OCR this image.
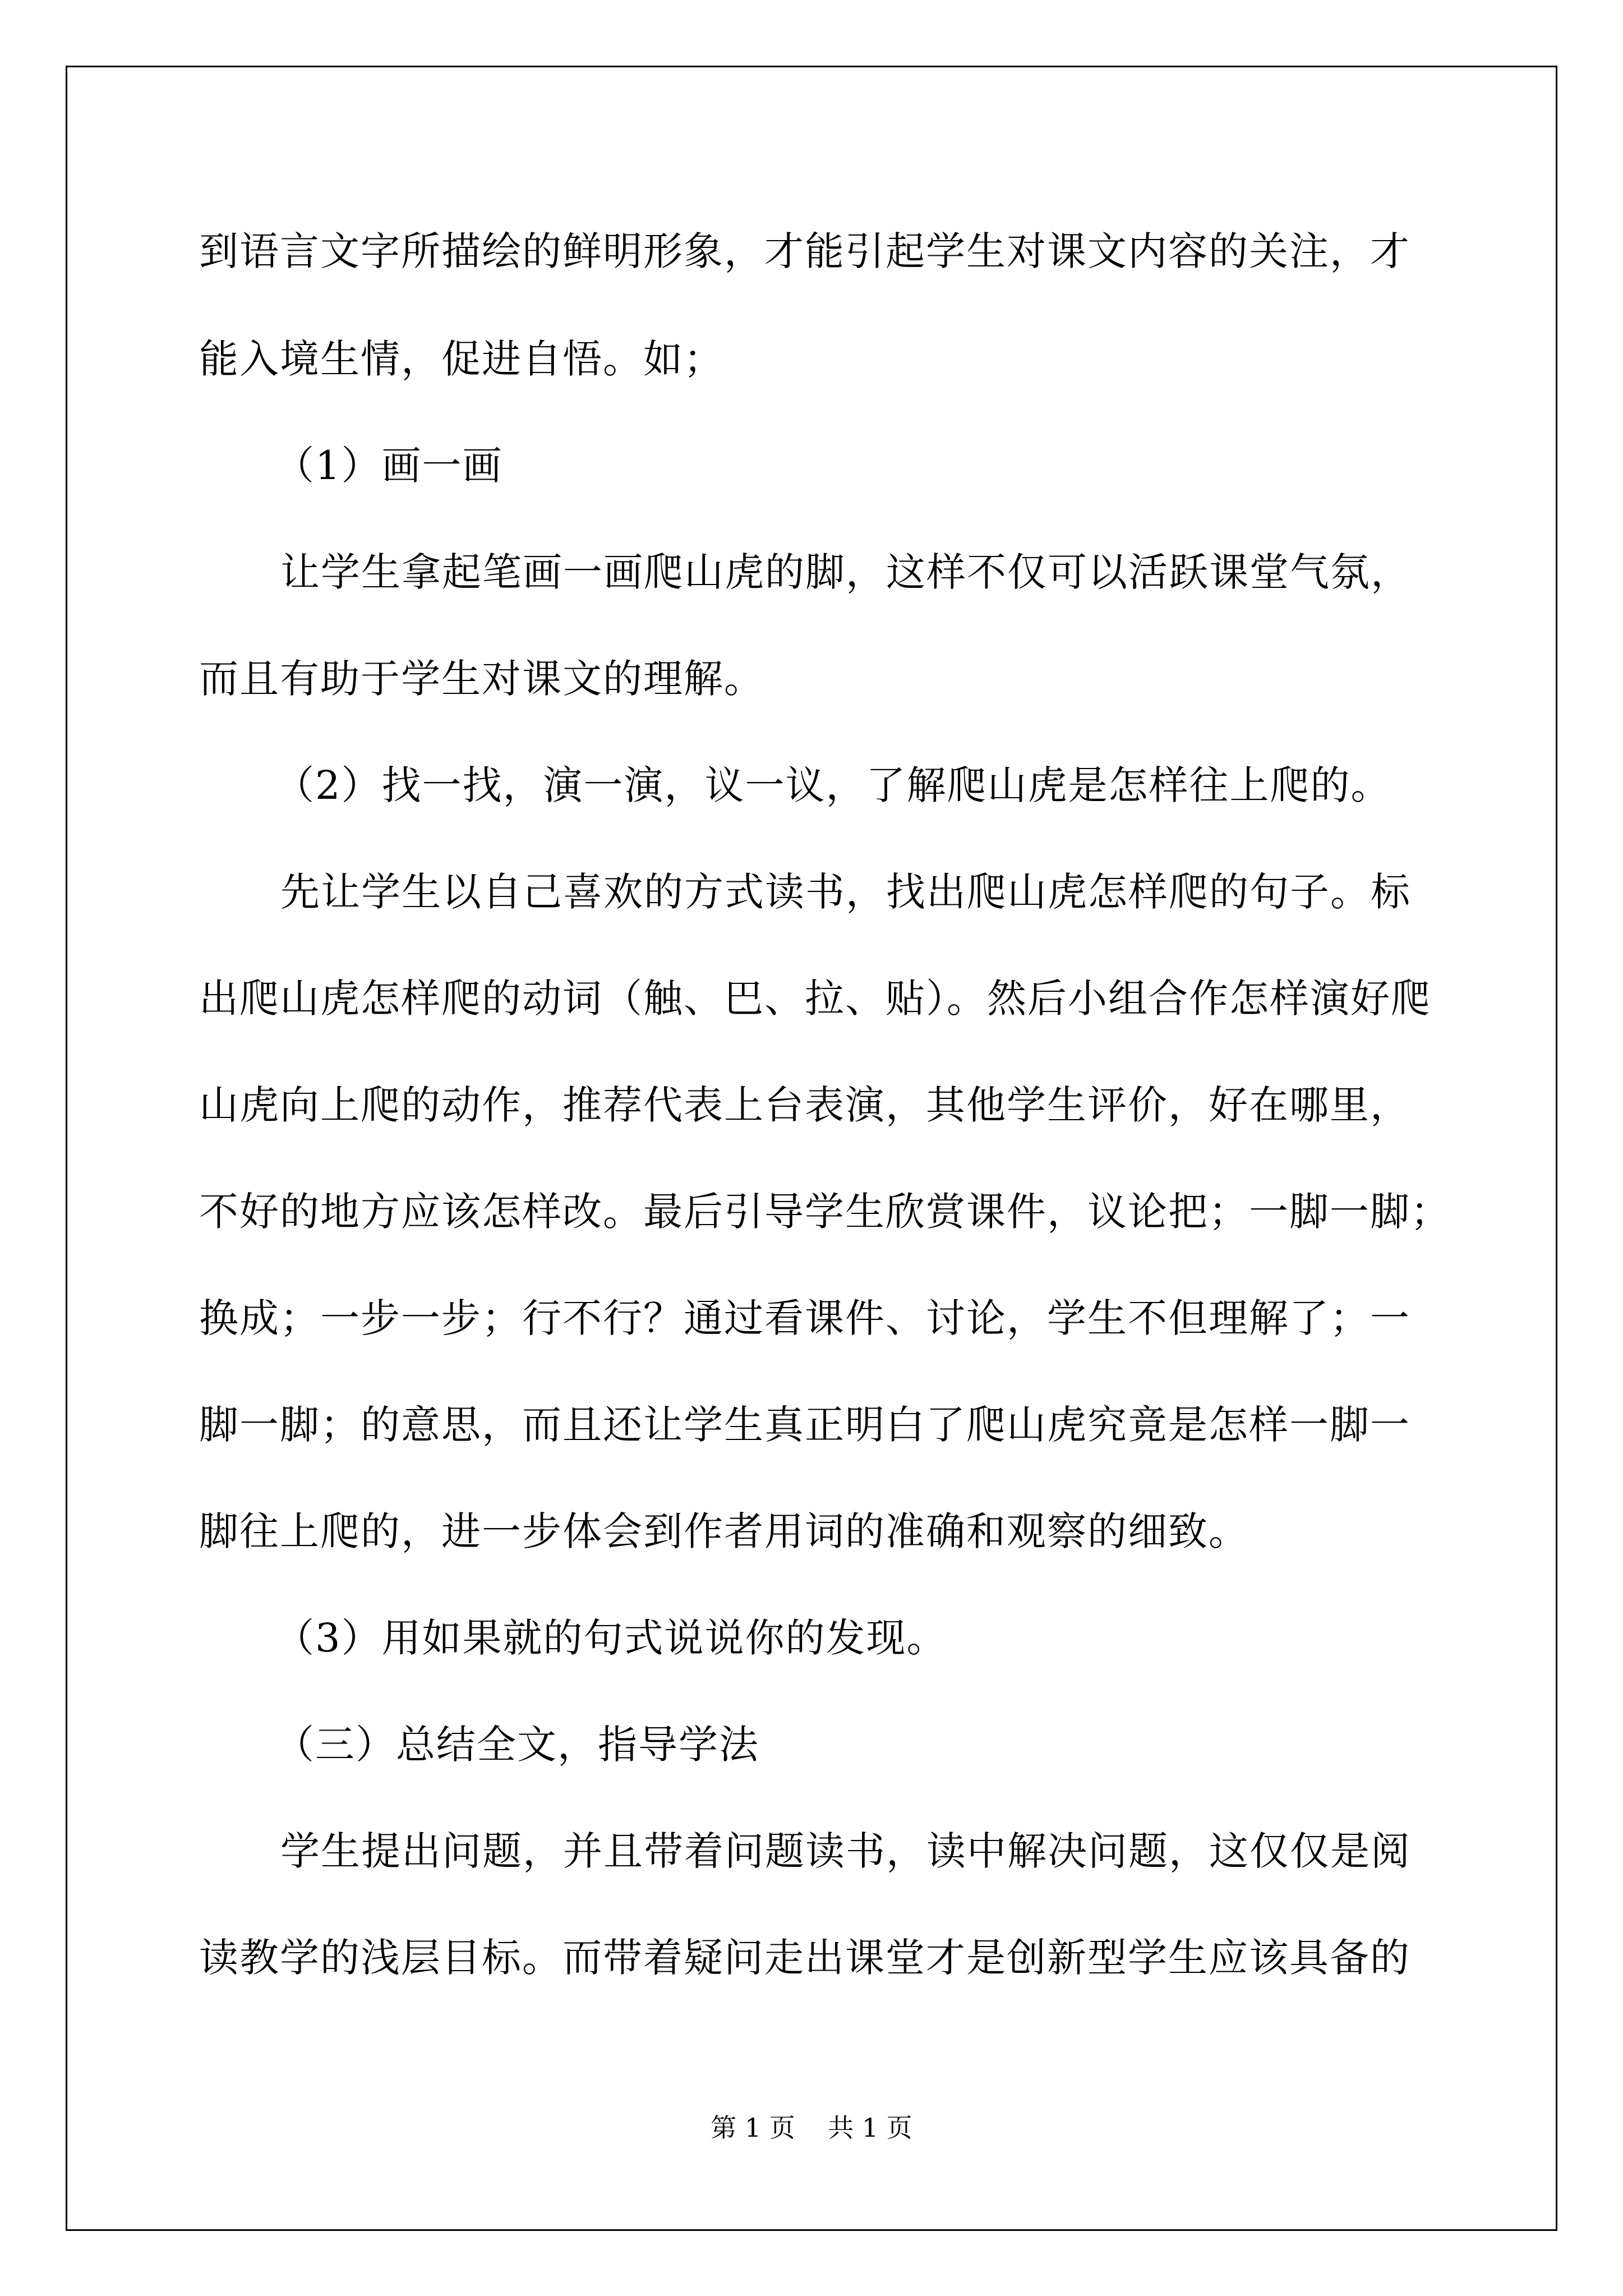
到语言文字所描绘的鲜明形象，才能引起学生对课文内容的关注，才

能入境生情，促进自悟。如；

（1）画一画

让学生拿起笔画一画爬山虎的脚，这样不仅可以活跃课堂气氛，

而且有助于学生对课文的理解。

（2）找一找，演一演，议一议，了解爬山虎是怎样往上爬的。

先让学生以自己喜欢的方式读书，找出爬山虎怎样爬的句子。标

出爬山虎怎样爬的动词（触、巴、拉、贴）。然后小组合作怎样演好爬

山虎向上爬的动作，推荐代表上台表演，其他学生评价，好在哪里，

不好的地方应该怎样改。最后引导学生欣赏课件，议论把；一脚一脚；

换成；一步一步；行不行？通过看课件、讨论，学生不但理解了；一

脚一脚；的意思，而且还让学生真正明白了爬山虎究竟是怎样一脚一

脚往上爬的，进一步体会到作者用词的准确和观察的细致。

（3）用如果就的句式说说你的发现。

（三）总结全文，指导学法

学生提出问题，并且带着问题读书，读中解决问题，这仅仅是阅

读教学的浅层目标。而带着疑问走出课堂才是创新型学生应该具备的

第 1 页    共 1 页
